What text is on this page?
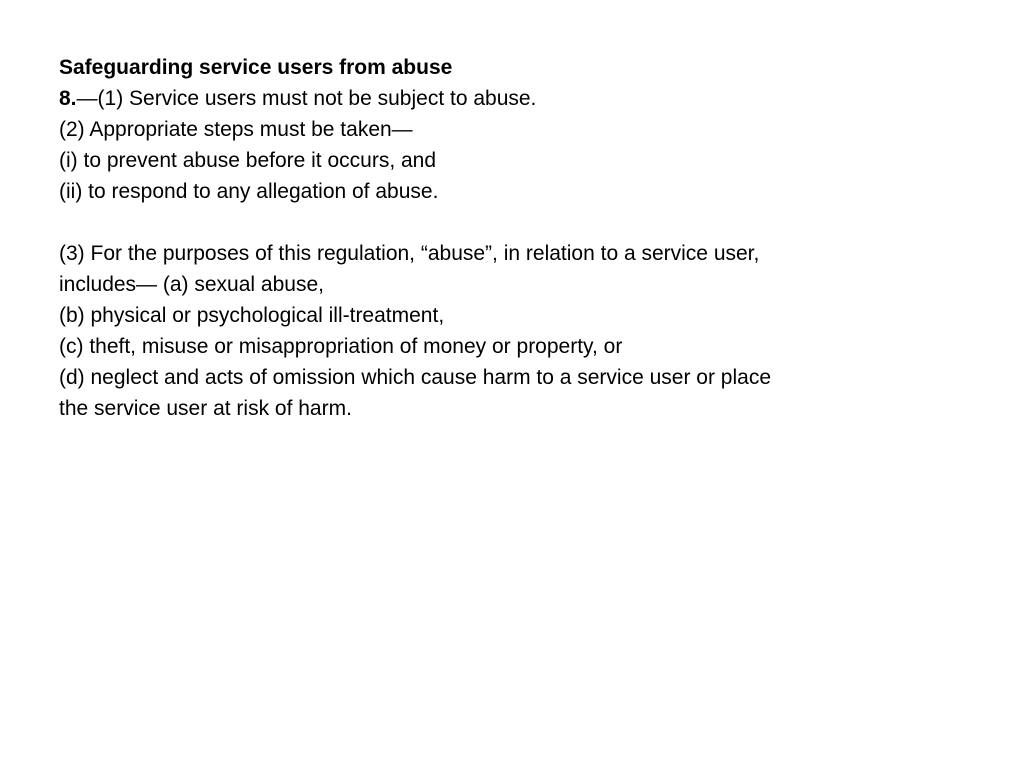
Safeguarding service users from abuse
8.—(1) Service users must not be subject to abuse.
(2) Appropriate steps must be taken—
(i) to prevent abuse before it occurs, and
(ii) to respond to any allegation of abuse.
(3) For the purposes of this regulation, “abuse”, in relation to a service user,
includes— (a) sexual abuse,
(b) physical or psychological ill-treatment,
(c) theft, misuse or misappropriation of money or property, or
(d) neglect and acts of omission which cause harm to a service user or place
the service user at risk of harm.
